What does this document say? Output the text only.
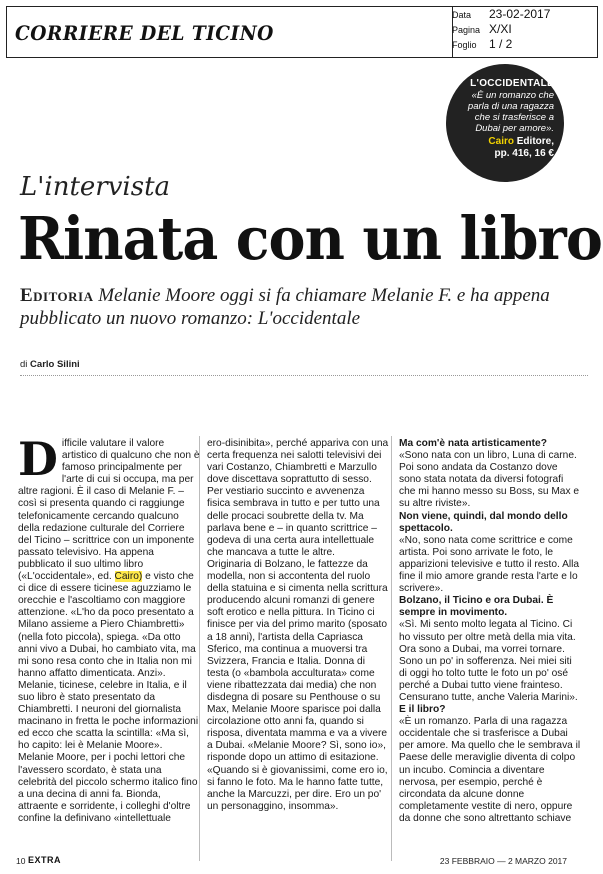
CORRIERE DEL TICINO
Data 23-02-2017
Pagina X/XI
Foglio 1 / 2
L'OCCIDENTALE
«È un romanzo che
parla di una ragazza
che si trasferisce a
Dubai per amore».
Cairo Editore,
pp. 416, 16 €
L'intervista
Rinata con un libro
Editoria Melanie Moore oggi si fa chiamare Melanie F. e ha appena pubblicato un nuovo romanzo: L'occidentale
di Carlo Silini

Difficile valutare il valore artistico di qualcuno che non è famoso principalmente per l'arte di cui si occupa, ma per altre ragioni. È il caso di Melanie F. – così si presenta quando ci raggiunge telefonicamente cercando qualcuno della redazione culturale del Corriere del Ticino – scrittrice con un imponente passato televisivo. Ha appena pubblicato il suo ultimo libro («L'occidentale», ed. Cairo) e visto che ci dice di essere ticinese aguzziamo le orecchie e l'ascoltiamo con maggiore attenzione. «L'ho da poco presentato a Milano assieme a Piero Chiambretti» (nella foto piccola), spiega. «Da otto anni vivo a Dubai, ho cambiato vita, ma mi sono resa conto che in Italia non mi hanno affatto dimenticata. Anzi». Melanie, ticinese, celebre in Italia, e il suo libro è stato presentato da Chiambretti. I neuroni del giornalista macinano in fretta le poche informazioni ed ecco che scatta la scintilla: «Ma sì, ho capito: lei è Melanie Moore».

Melanie Moore, per i pochi lettori che l'avessero scordato, è stata una celebrità del piccolo schermo italico fino a una decina di anni fa. Bionda, attraente e sorridente, i colleghi d'oltre confine la definivano «intellettuale

ero-disinibita», perché appariva con una certa frequenza nei salotti televisivi dei vari Costanzo, Chiambretti e Marzullo dove discettava soprattutto di sesso. Per vestiario succinto e avvenenza fisica sembrava in tutto e per tutto una delle procaci soubrette della tv. Ma parlava bene e – in quanto scrittrice – godeva di una certa aura intellettuale che mancava a tutte le altre.

Originaria di Bolzano, le fattezze da modella, non si accontenta del ruolo della statuina e si cimenta nella scrittura producendo alcuni romanzi di genere soft erotico e nella pittura. In Ticino ci finisce per via del primo marito (sposato a 18 anni), l'artista della Capriasca Sferico, ma continua a muoversi tra Svizzera, Francia e Italia. Donna di testa (o «bambola acculturata» come viene ribattezzata dai media) che non disdegna di posare su Penthouse o su Max, Melanie Moore sparisce poi dalla circolazione otto anni fa, quando si risposa, diventata mamma e va a vivere a Dubai. «Melanie Moore? Sì, sono io», risponde dopo un attimo di esitazione. «Quando si è giovanissimi, come ero io, si fanno le foto. Ma le hanno fatte tutte, anche la Marcuzzi, per dire. Ero un po' un personaggino, insomma».

Ma com'è nata artisticamente?

«Sono nata con un libro, Luna di carne. Poi sono andata da Costanzo dove sono stata notata da diversi fotografi che mi hanno messo su Boss, su Max e su altre riviste».

Non viene, quindi, dal mondo dello spettacolo.

«No, sono nata come scrittrice e come artista. Poi sono arrivate le foto, le apparizioni televisive e tutto il resto. Alla fine il mio amore grande resta l'arte e lo scrivere».

Bolzano, il Ticino e ora Dubai. È sempre in movimento.

«Sì. Mi sento molto legata al Ticino. Ci ho vissuto per oltre metà della mia vita. Ora sono a Dubai, ma vorrei tornare. Sono un po' in sofferenza. Nei miei siti di oggi ho tolto tutte le foto un po' osé perché a Dubai tutto viene frainteso. Censurano tutte, anche Valeria Marini».

E il libro?

«È un romanzo. Parla di una ragazza occidentale che si trasferisce a Dubai per amore. Ma quello che le sembrava il Paese delle meraviglie diventa di colpo un incubo. Comincia a diventare nervosa, per esempio, perché è circondata da alcune donne completamente vestite di nero, oppure da donne che sono altrettanto schiave

10 EXTRA	23 FEBBRAIO — 2 MARZO 2017
